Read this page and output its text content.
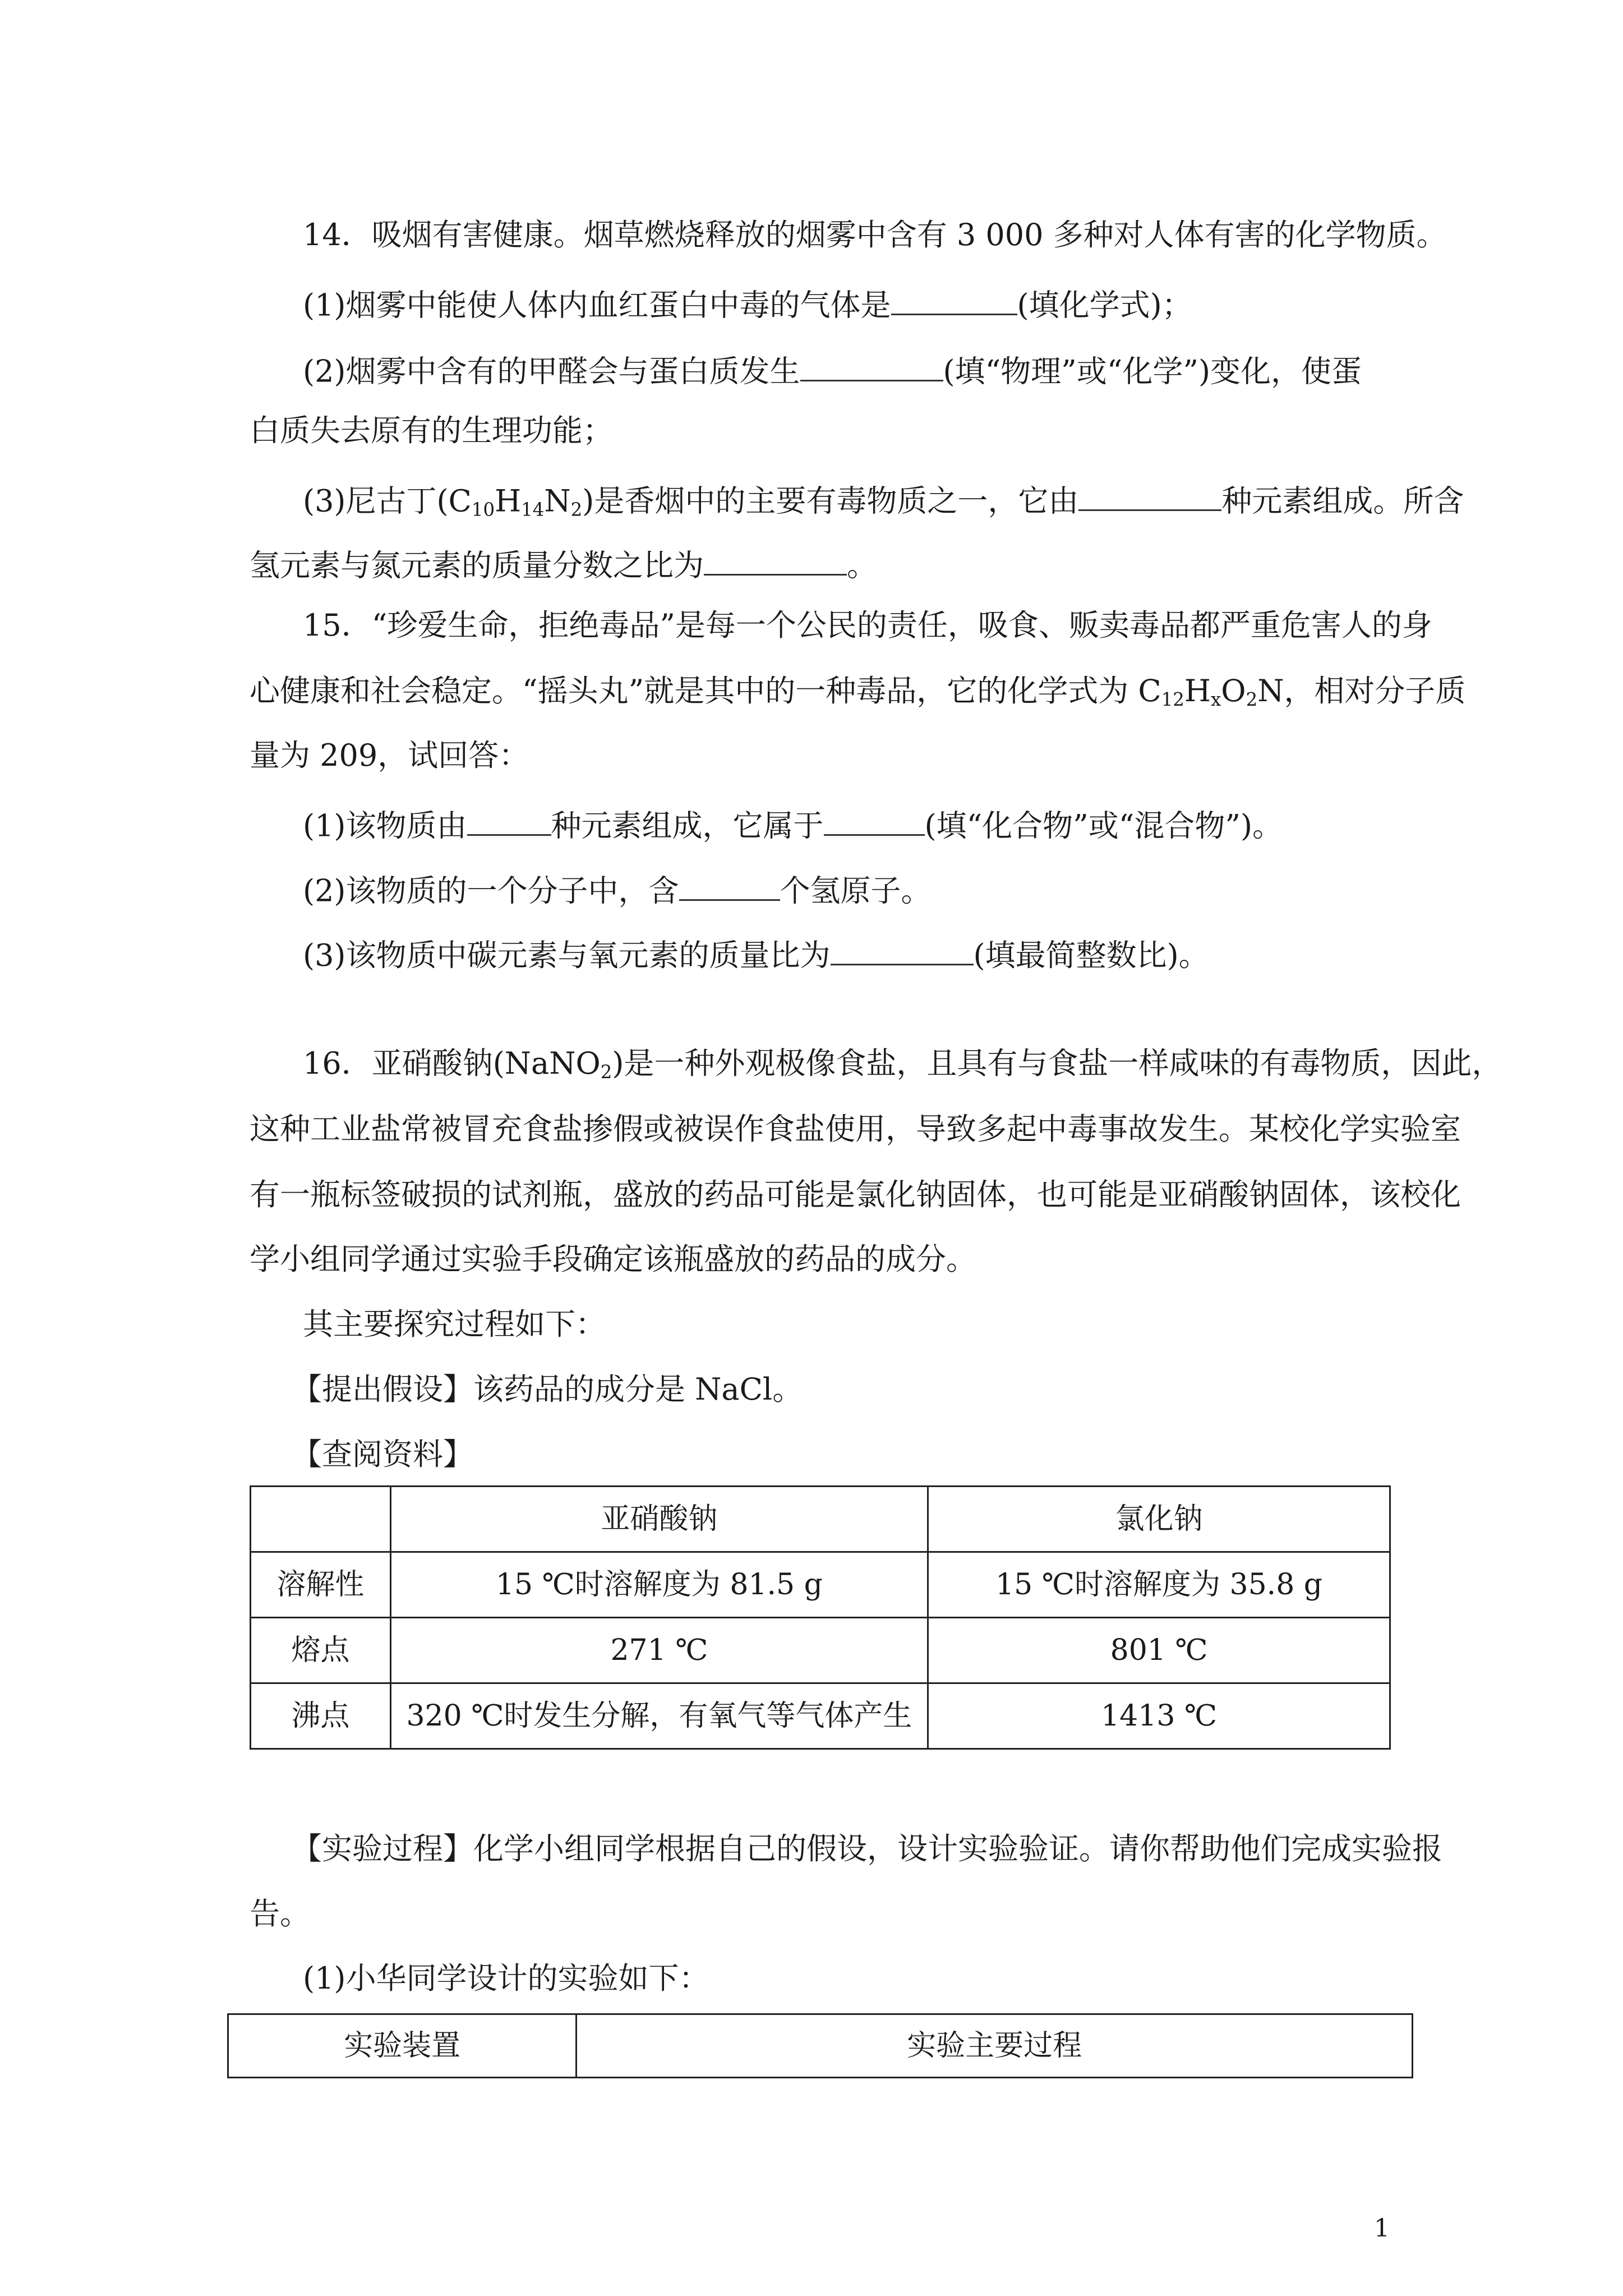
14．吸烟有害健康。烟草燃烧释放的烟雾中含有 3 000 多种对人体有害的化学物质。

(1)烟雾中能使人体内血红蛋白中毒的气体是	(填化学式)；

(2)烟雾中含有的甲醛会与蛋白质发生	(填“物理”或“化学”)变化，使蛋

白质失去原有的生理功能；

(3)尼古丁$(C_{10}H_{14}N_2)$是香烟中的主要有毒物质之一，它由	种元素组成。所含

氢元素与氮元素的质量分数之比为	。

15．“珍爱生命，拒绝毒品”是每一个公民的责任，吸食、贩卖毒品都严重危害人的身

心健康和社会稳定。“摇头丸”就是其中的一种毒品，它的化学式为 $C_{12}H_xO_2N$，相对分子质

量为 209，试回答：

(1)该物质由	种元素组成，它属于	(填“化合物”或“混合物”)。

(2)该物质的一个分子中，含	个氢原子。

(3)该物质中碳元素与氧元素的质量比为	(填最简整数比)。

16．亚硝酸钠(NaNO$_2$)是一种外观极像食盐，且具有与食盐一样咸味的有毒物质，因此，

这种工业盐常被冒充食盐掺假或被误作食盐使用，导致多起中毒事故发生。某校化学实验室

有一瓶标签破损的试剂瓶，盛放的药品可能是氯化钠固体，也可能是亚硝酸钠固体，该校化

学小组同学通过实验手段确定该瓶盛放的药品的成分。

其主要探究过程如下：

【提出假设】该药品的成分是 NaCl。

【查阅资料】

	亚硝酸钠	氯化钠
溶解性	15 ℃时溶解度为 81.5 g	15 ℃时溶解度为 35.8 g
熔点	271 ℃	801 ℃
沸点	320 ℃时发生分解，有氧气等气体产生	1413 ℃

【实验过程】化学小组同学根据自己的假设，设计实验验证。请你帮助他们完成实验报

告。

(1)小华同学设计的实验如下：

实验装置	实验主要过程
1
